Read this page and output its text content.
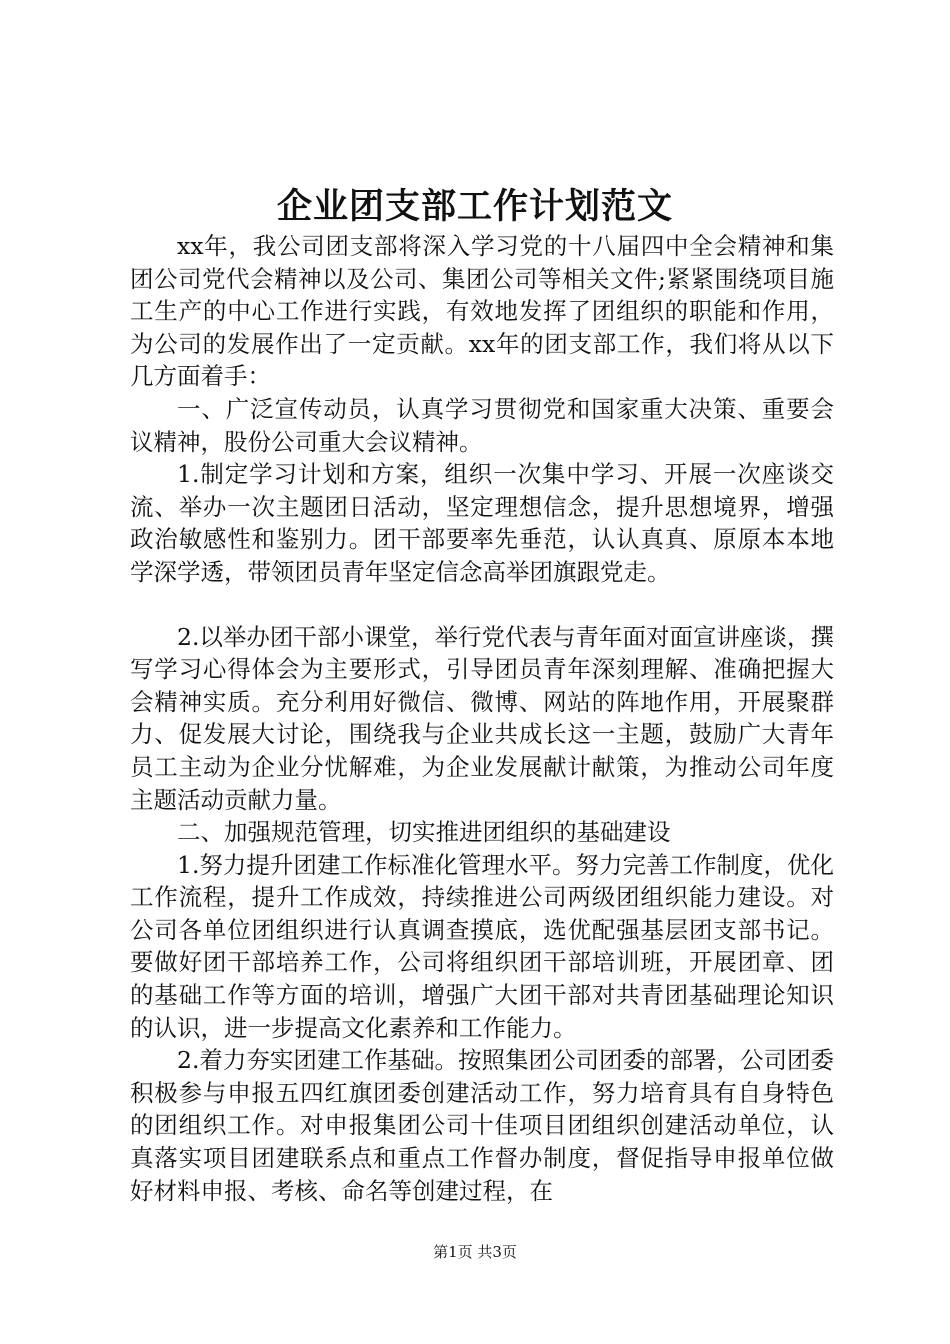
企业团支部工作计划范文

xx年，我公司团支部将深入学习党的十八届四中全会精神和集团公司党代会精神以及公司、集团公司等相关文件;紧紧围绕项目施工生产的中心工作进行实践，有效地发挥了团组织的职能和作用，为公司的发展作出了一定贡献。xx年的团支部工作，我们将从以下几方面着手：

一、广泛宣传动员，认真学习贯彻党和国家重大决策、重要会议精神，股份公司重大会议精神。

1.制定学习计划和方案，组织一次集中学习、开展一次座谈交流、举办一次主题团日活动，坚定理想信念，提升思想境界，增强政治敏感性和鉴别力。团干部要率先垂范，认认真真、原原本本地学深学透，带领团员青年坚定信念高举团旗跟党走。

2.以举办团干部小课堂，举行党代表与青年面对面宣讲座谈，撰写学习心得体会为主要形式，引导团员青年深刻理解、准确把握大会精神实质。充分利用好微信、微博、网站的阵地作用，开展聚群力、促发展大讨论，围绕我与企业共成长这一主题，鼓励广大青年员工主动为企业分忧解难，为企业发展献计献策，为推动公司年度主题活动贡献力量。

二、加强规范管理，切实推进团组织的基础建设

1.努力提升团建工作标准化管理水平。努力完善工作制度，优化工作流程，提升工作成效，持续推进公司两级团组织能力建设。对公司各单位团组织进行认真调查摸底，选优配强基层团支部书记。要做好团干部培养工作，公司将组织团干部培训班，开展团章、团的基础工作等方面的培训，增强广大团干部对共青团基础理论知识的认识，进一步提高文化素养和工作能力。

2.着力夯实团建工作基础。按照集团公司团委的部署，公司团委积极参与申报五四红旗团委创建活动工作，努力培育具有自身特色的团组织工作。对申报集团公司十佳项目团组织创建活动单位，认真落实项目团建联系点和重点工作督办制度，督促指导申报单位做好材料申报、考核、命名等创建过程，在

第1页 共3页
